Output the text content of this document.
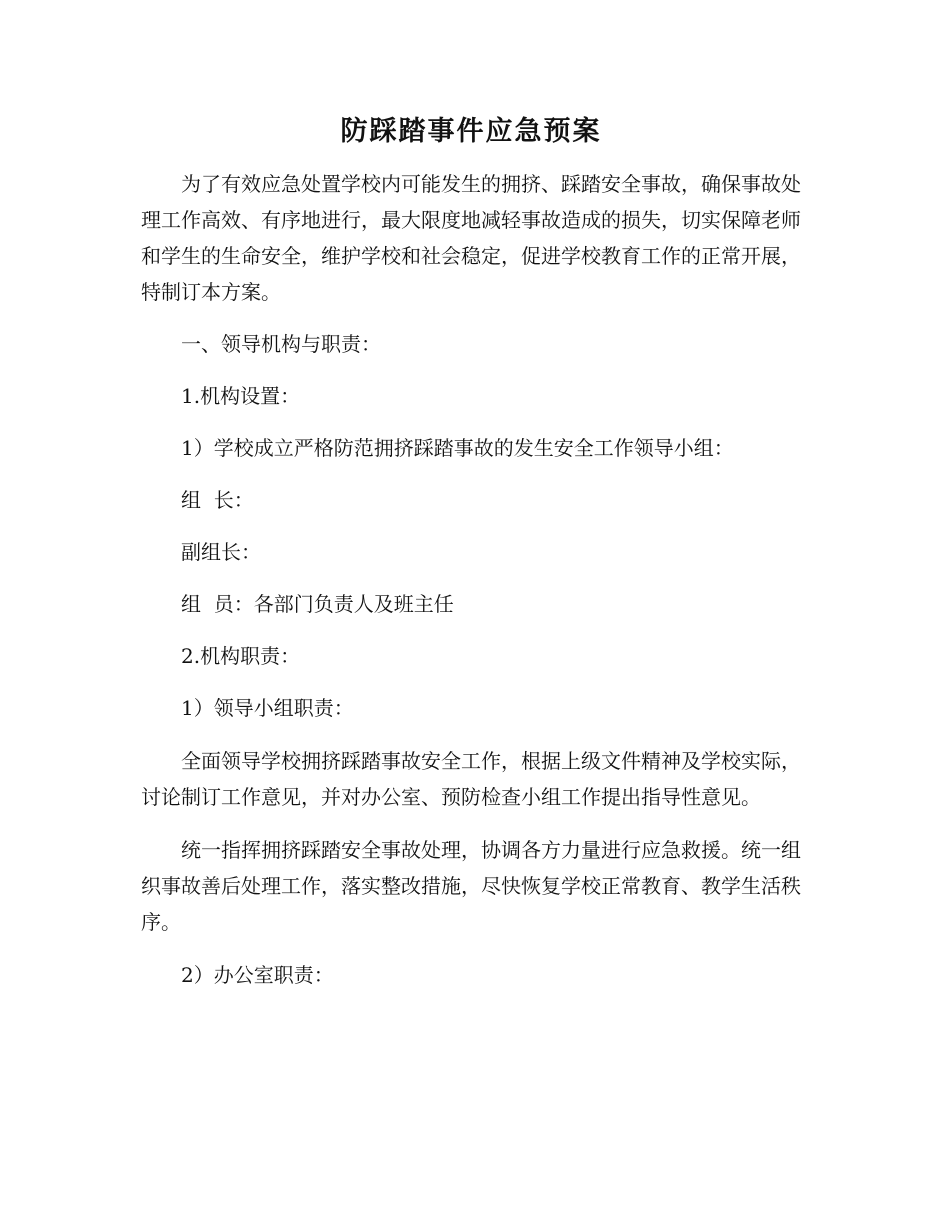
防踩踏事件应急预案

为了有效应急处置学校内可能发生的拥挤、踩踏安全事故，确保事故处理工作高效、有序地进行，最大限度地减轻事故造成的损失，切实保障老师和学生的生命安全，维护学校和社会稳定，促进学校教育工作的正常开展，特制订本方案。

一、领导机构与职责：

1.机构设置：

1）学校成立严格防范拥挤踩踏事故的发生安全工作领导小组：

组  长：

副组长：

组  员：各部门负责人及班主任

2.机构职责：

1）领导小组职责：

全面领导学校拥挤踩踏事故安全工作，根据上级文件精神及学校实际，讨论制订工作意见，并对办公室、预防检查小组工作提出指导性意见。

统一指挥拥挤踩踏安全事故处理，协调各方力量进行应急救援。统一组织事故善后处理工作，落实整改措施，尽快恢复学校正常教育、教学生活秩序。

2）办公室职责：
